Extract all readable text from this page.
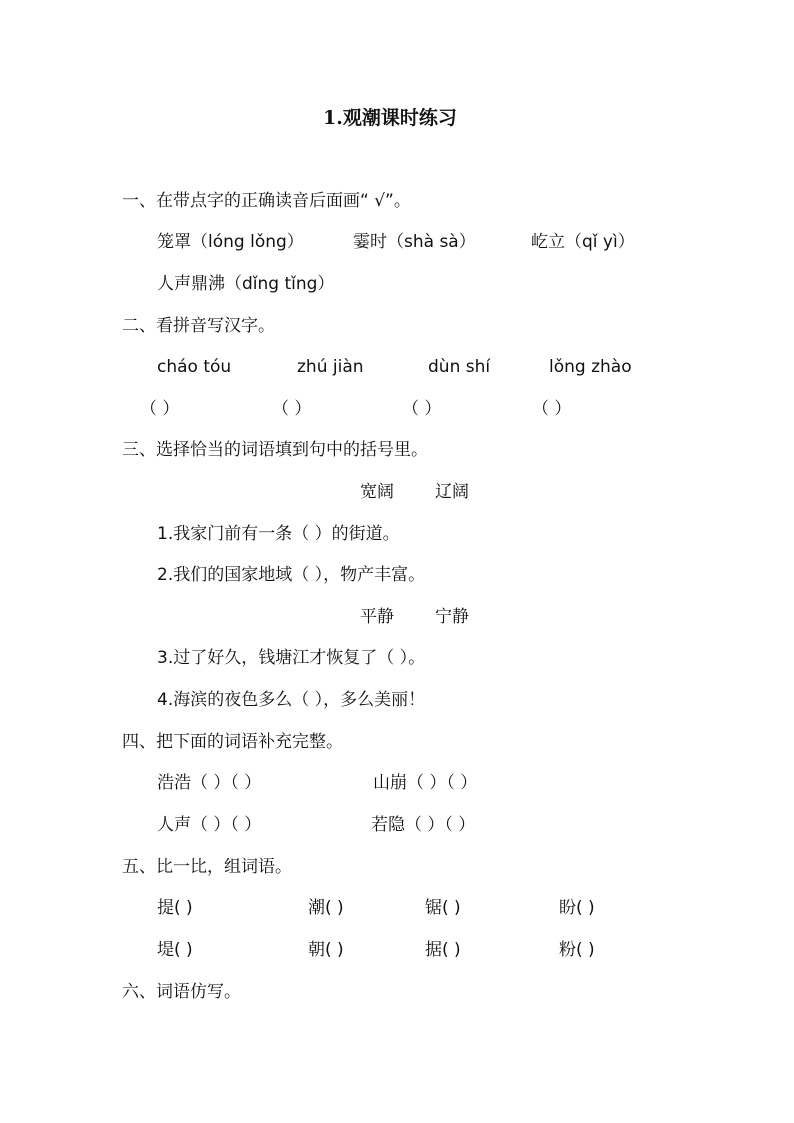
1.观潮课时练习
一、在带点字的正确读音后面画“ √”。
笼罩（lóng lǒng）	霎时（shà sà）	屹立（qǐ yì）
人声鼎沸（dǐng tǐng）
二、看拼音写汉字。
cháo tóu	zhú jiàn	dùn shí	lǒng zhào
（ ）	（ ）	（ ）	（ ）
三、选择恰当的词语填到句中的括号里。
宽阔 辽阔
1.我家门前有一条（ ）的街道。
2.我们的国家地域（ ），物产丰富。
平静 宁静
3.过了好久，钱塘江才恢复了（ ）。
4.海滨的夜色多么（ ），多么美丽！
四、把下面的词语补充完整。
浩浩（ ）（ ）	山崩（ ）（ ）
人声（ ）（ ）	若隐（ ）（ ）
五、比一比，组词语。
提( )	潮( )	锯( )	盼( )
堤( )	朝( )	据( )	粉( )
六、词语仿写。
